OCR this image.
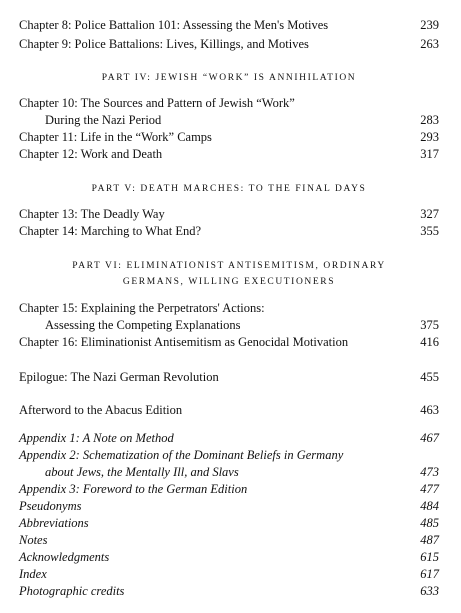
Chapter 8: Police Battalion 101: Assessing the Men's Motives	239
Chapter 9: Police Battalions: Lives, Killings, and Motives	263
PART IV: JEWISH “WORK” IS ANNIHILATION
Chapter 10: The Sources and Pattern of Jewish “Work”
During the Nazi Period	283
Chapter 11: Life in the “Work” Camps	293
Chapter 12: Work and Death	317
PART V: DEATH MARCHES: TO THE FINAL DAYS
Chapter 13: The Deadly Way	327
Chapter 14: Marching to What End?	355
PART VI: ELIMINATIONIST ANTISEMITISM, ORDINARY
GERMANS, WILLING EXECUTIONERS
Chapter 15: Explaining the Perpetrators' Actions:
Assessing the Competing Explanations	375
Chapter 16: Eliminationist Antisemitism as Genocidal Motivation	416
Epilogue: The Nazi German Revolution	455
Afterword to the Abacus Edition	463
Appendix 1: A Note on Method	467
Appendix 2: Schematization of the Dominant Beliefs in Germany
about Jews, the Mentally Ill, and Slavs	473
Appendix 3: Foreword to the German Edition	477
Pseudonyms	484
Abbreviations	485
Notes	487
Acknowledgments	615
Index	617
Photographic credits	633
